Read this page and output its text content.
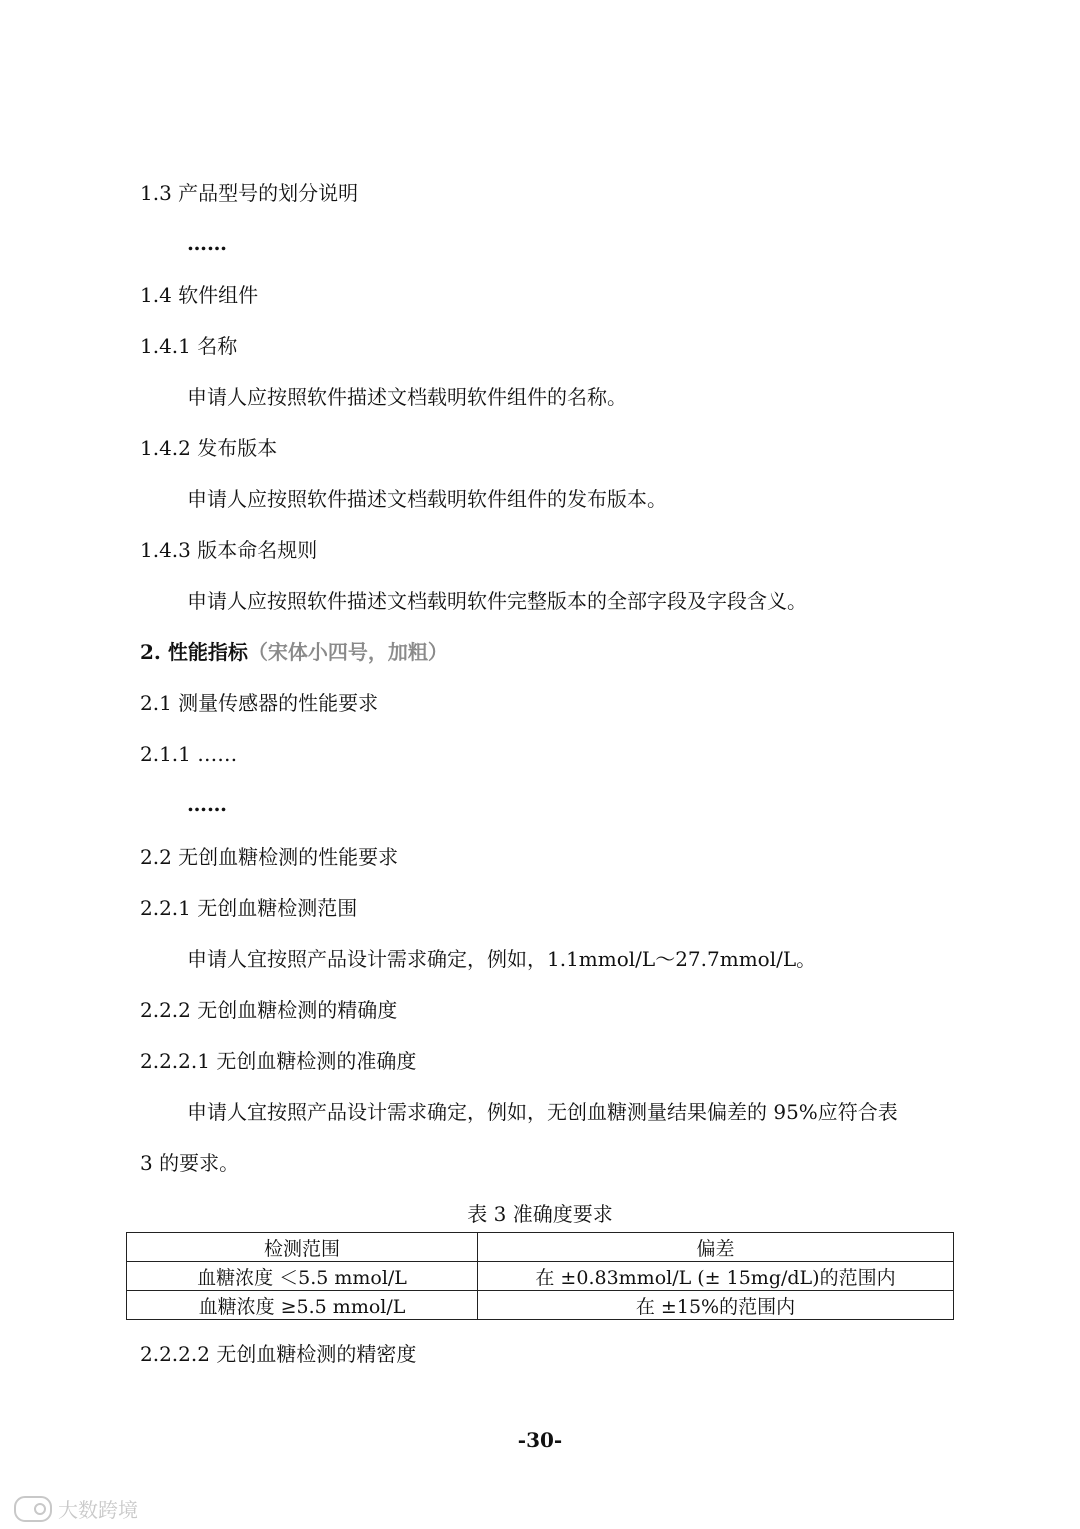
1.3 产品型号的划分说明
……
1.4 软件组件
1.4.1 名称
申请人应按照软件描述文档载明软件组件的名称。
1.4.2 发布版本
申请人应按照软件描述文档载明软件组件的发布版本。
1.4.3 版本命名规则
申请人应按照软件描述文档载明软件完整版本的全部字段及字段含义。
2. 性能指标（宋体小四号，加粗）
2.1 测量传感器的性能要求
2.1.1 ……
……
2.2 无创血糖检测的性能要求
2.2.1 无创血糖检测范围
申请人宜按照产品设计需求确定，例如，1.1mmol/L～27.7mmol/L。
2.2.2 无创血糖检测的精确度
2.2.2.1 无创血糖检测的准确度
申请人宜按照产品设计需求确定，例如，无创血糖测量结果偏差的 95%应符合表
3 的要求。
表 3 准确度要求
检测范围	偏差
血糖浓度 ＜5.5 mmol/L	在 ±0.83mmol/L (± 15mg/dL)的范围内
血糖浓度 ≥5.5 mmol/L	在 ±15%的范围内
2.2.2.2 无创血糖检测的精密度
-30-
大数跨境
